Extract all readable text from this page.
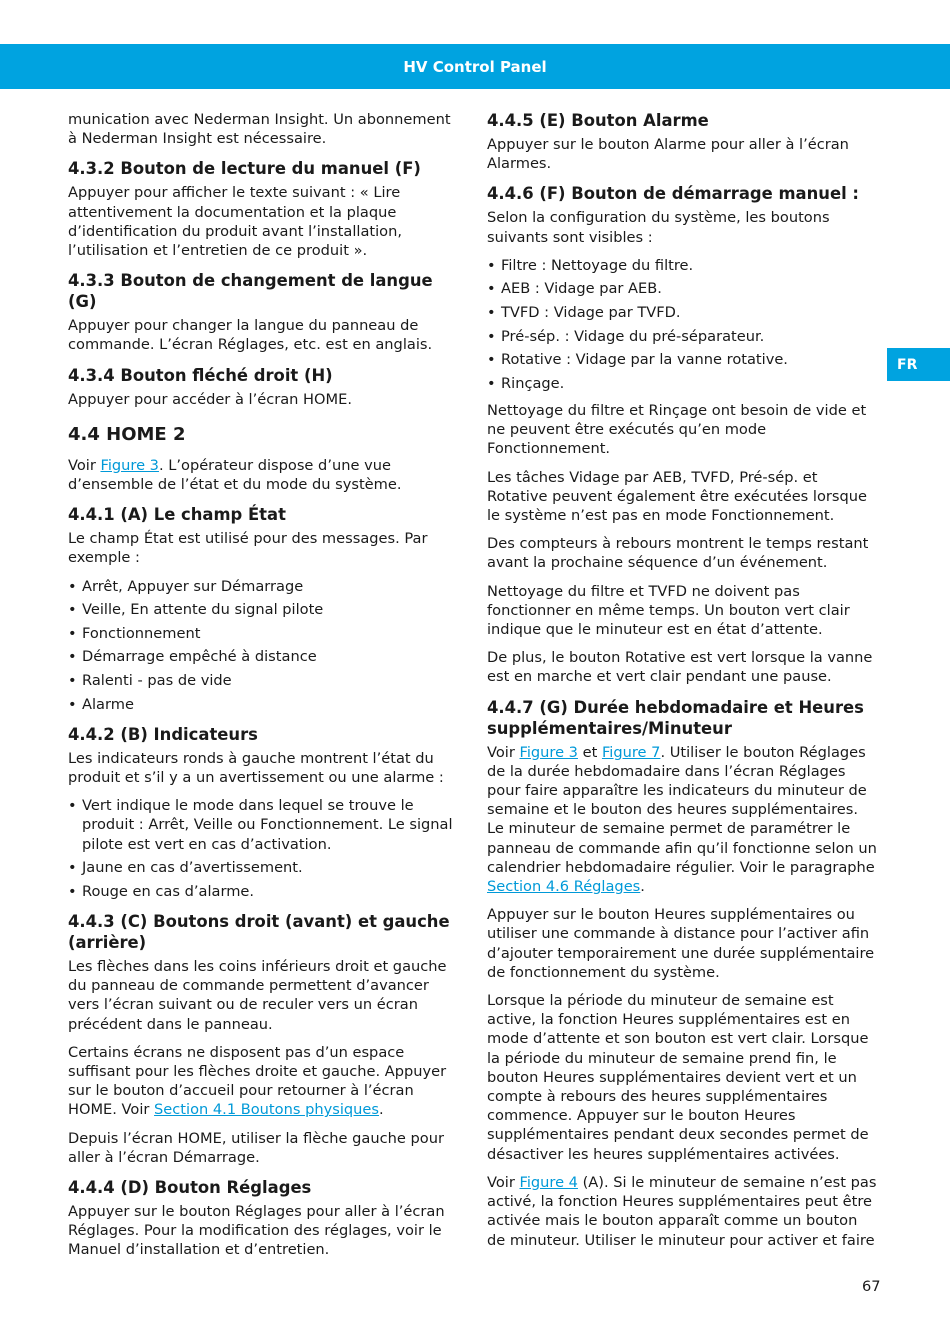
HV Control Panel
FR

munication avec Nederman Insight. Un abonnement à Nederman Insight est nécessaire.

4.3.2 Bouton de lecture du manuel (F)

Appuyer pour afficher le texte suivant : « Lire attentivement la documentation et la plaque d’identification du produit avant l’installation, l’utilisation et l’entretien de ce produit ».

4.3.3 Bouton de changement de langue (G)

Appuyer pour changer la langue du panneau de commande. L’écran Réglages, etc. est en anglais.

4.3.4 Bouton fléché droit (H)

Appuyer pour accéder à l’écran HOME.

4.4 HOME 2

Voir Figure 3. L’opérateur dispose d’une vue d’ensemble de l’état et du mode du système.

4.4.1 (A) Le champ État

Le champ État est utilisé pour des messages. Par exemple :

• Arrêt, Appuyer sur Démarrage
• Veille, En attente du signal pilote
• Fonctionnement
• Démarrage empêché à distance
• Ralenti - pas de vide
• Alarme
4.4.2 (B) Indicateurs

Les indicateurs ronds à gauche montrent l’état du produit et s’il y a un avertissement ou une alarme :

• Vert indique le mode dans lequel se trouve le produit : Arrêt, Veille ou Fonctionnement. Le signal pilote est vert en cas d’activation.
• Jaune en cas d’avertissement.
• Rouge en cas d’alarme.
4.4.3 (C) Boutons droit (avant) et gauche (arrière)

Les flèches dans les coins inférieurs droit et gauche du panneau de commande permettent d’avancer vers l’écran suivant ou de reculer vers un écran précédent dans le panneau.

Certains écrans ne disposent pas d’un espace suffisant pour les flèches droite et gauche. Appuyer sur le bouton d’accueil pour retourner à l’écran HOME. Voir Section 4.1 Boutons physiques.

Depuis l’écran HOME, utiliser la flèche gauche pour aller à l’écran Démarrage.

4.4.4 (D) Bouton Réglages

Appuyer sur le bouton Réglages pour aller à l’écran Réglages. Pour la modification des réglages, voir le Manuel d’installation et d’entretien.

4.4.5 (E) Bouton Alarme

Appuyer sur le bouton Alarme pour aller à l’écran Alarmes.

4.4.6 (F) Bouton de démarrage manuel :

Selon la configuration du système, les boutons suivants sont visibles :

• Filtre : Nettoyage du filtre.
• AEB : Vidage par AEB.
• TVFD : Vidage par TVFD.
• Pré-sép. : Vidage du pré-séparateur.
• Rotative : Vidage par la vanne rotative.
• Rinçage.

Nettoyage du filtre et Rinçage ont besoin de vide et ne peuvent être exécutés qu’en mode Fonctionnement.

Les tâches Vidage par AEB, TVFD, Pré-sép. et Rotative peuvent également être exécutées lorsque le système n’est pas en mode Fonctionnement.

Des compteurs à rebours montrent le temps restant avant la prochaine séquence d’un événement.

Nettoyage du filtre et TVFD ne doivent pas fonctionner en même temps. Un bouton vert clair indique que le minuteur est en état d’attente.

De plus, le bouton Rotative est vert lorsque la vanne est en marche et vert clair pendant une pause.

4.4.7 (G) Durée hebdomadaire et Heures supplémentaires/Minuteur

Voir Figure 3 et Figure 7. Utiliser le bouton Réglages de la durée hebdomadaire dans l’écran Réglages pour faire apparaître les indicateurs du minuteur de semaine et le bouton des heures supplémentaires. Le minuteur de semaine permet de paramétrer le panneau de commande afin qu’il fonctionne selon un calendrier hebdomadaire régulier. Voir le paragraphe Section 4.6 Réglages.

Appuyer sur le bouton Heures supplémentaires ou utiliser une commande à distance pour l’activer afin d’ajouter temporairement une durée supplémentaire de fonctionnement du système.

Lorsque la période du minuteur de semaine est active, la fonction Heures supplémentaires est en mode d’attente et son bouton est vert clair. Lorsque la période du minuteur de semaine prend fin, le bouton Heures supplémentaires devient vert et un compte à rebours des heures supplémentaires commence. Appuyer sur le bouton Heures supplémentaires pendant deux secondes permet de désactiver les heures supplémentaires activées.

Voir Figure 4 (A). Si le minuteur de semaine n’est pas activé, la fonction Heures supplémentaires peut être activée mais le bouton apparaît comme un bouton de minuteur. Utiliser le minuteur pour activer et faire

67
